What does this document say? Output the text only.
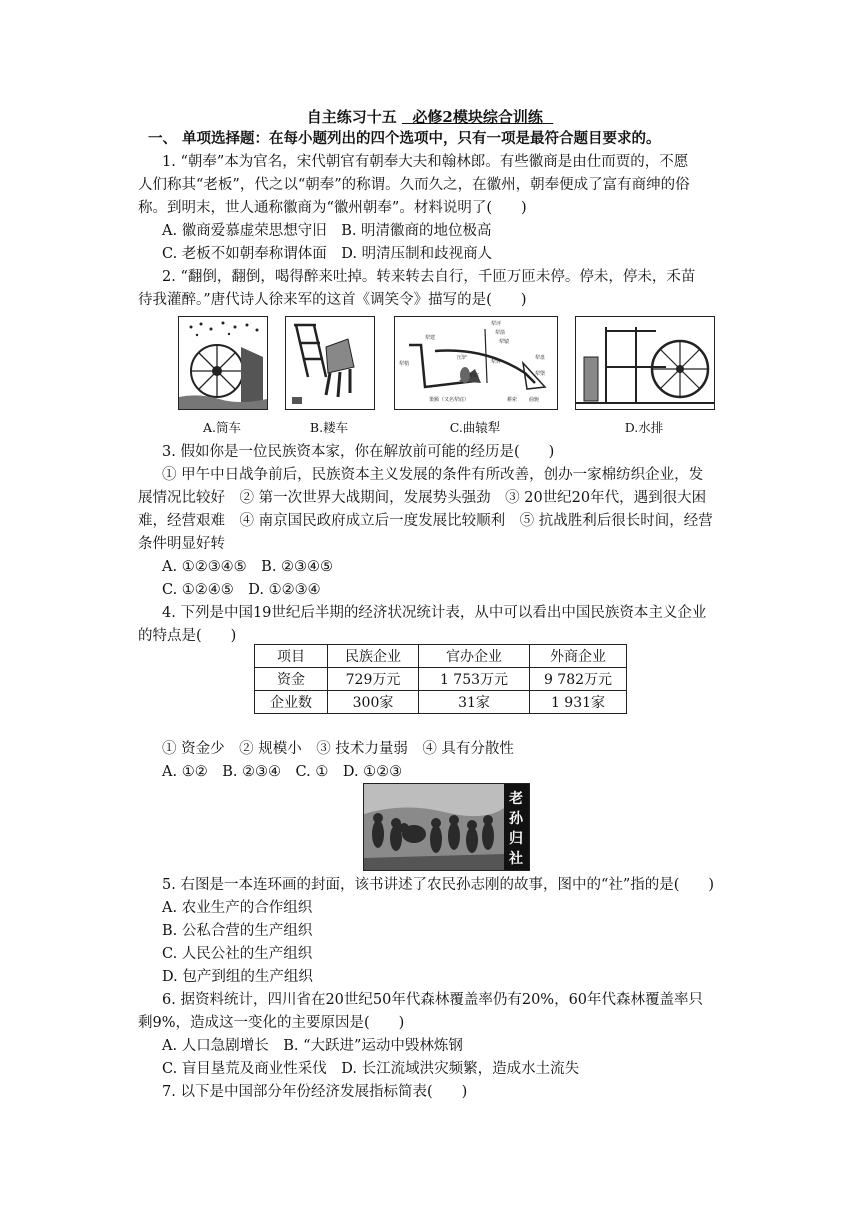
自主练习十五 必修2模块综合训练
一、 单项选择题：在每小题列出的四个选项中，只有一项是最符合题目要求的。
1. “朝奉”本为官名，宋代朝官有朝奉大夫和翰林郎。有些徽商是由仕而贾的，不愿
人们称其“老板”，代之以“朝奉”的称谓。久而久之，在徽州，朝奉便成了富有商绅的俗
称。到明末，世人通称徽商为“徽州朝奉”。材料说明了(　　)
A. 徽商爱慕虚荣思想守旧　B. 明清徽商的地位极高
C. 老板不如朝奉称谓体面　D. 明清压制和歧视商人
2. “翻倒，翻倒，喝得醉来吐掉。转来转去自行，千匝万匝未停。停未，停未，禾苗
待我灌醉。”唐代诗人徐来军的这首《调笑令》描写的是(　　)
A.筒车	B.耧车
犁评
犁箭
犁辕
犁建
犁梢
压铲
犁铧
犁底
犁盘
犁槃
策额（又名犁底）	耕索 曲轭
C.曲辕犁	D.水排
3. 假如你是一位民族资本家，你在解放前可能的经历是(　　)
① 甲午中日战争前后，民族资本主义发展的条件有所改善，创办一家棉纺织企业，发
展情况比较好　② 第一次世界大战期间，发展势头强劲　③ 20世纪20年代，遇到很大困
难，经营艰难　④ 南京国民政府成立后一度发展比较顺利　⑤ 抗战胜利后很长时间，经营
条件明显好转
A. ①②③④⑤　B. ②③④⑤
C. ①②④⑤　D. ①②③④
4. 下列是中国19世纪后半期的经济状况统计表，从中可以看出中国民族资本主义企业
的特点是(　　)
项目	民族企业	官办企业	外商企业
资金	729万元	1 753万元	9 782万元
企业数	300家	31家	1 931家
① 资金少　② 规模小　③ 技术力量弱　④ 具有分散性
A. ①②　B. ②③④　C. ①　D. ①②③
老
孙
归
社
5. 右图是一本连环画的封面，该书讲述了农民孙志刚的故事，图中的“社”指的是(　　)
A. 农业生产的合作组织
B. 公私合营的生产组织
C. 人民公社的生产组织
D. 包产到组的生产组织
6. 据资料统计，四川省在20世纪50年代森林覆盖率仍有20%，60年代森林覆盖率只
剩9%，造成这一变化的主要原因是(　　)
A. 人口急剧增长　B. “大跃进”运动中毁林炼钢
C. 盲目垦荒及商业性采伐　D. 长江流域洪灾频繁，造成水土流失
7. 以下是中国部分年份经济发展指标简表(　　)
